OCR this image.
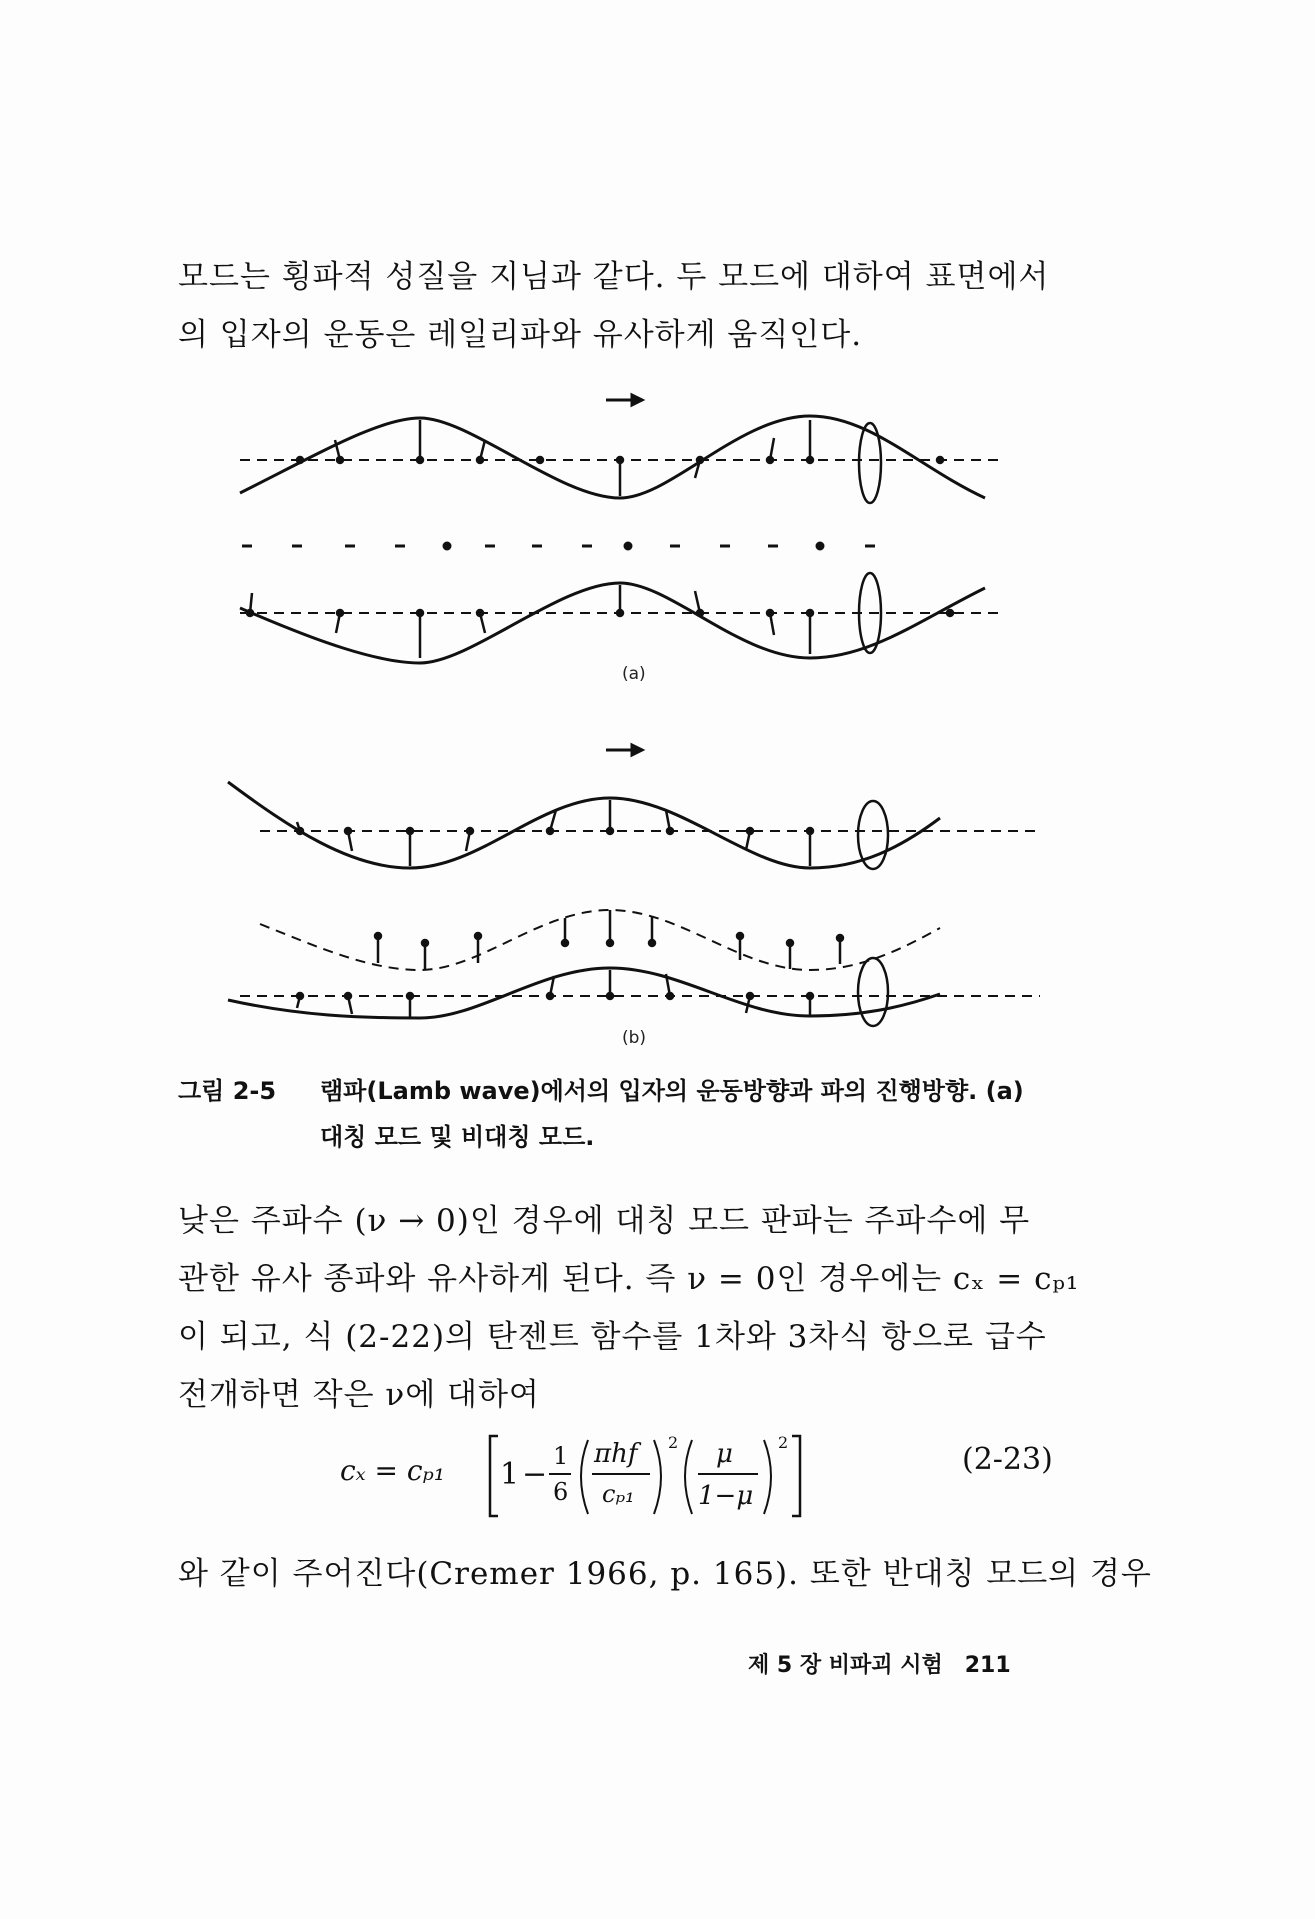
모드는 횡파적 성질을 지님과 같다. 두 모드에 대하여 표면에서
의 입자의 운동은 레일리파와 유사하게 움직인다.

(a)
(b)
그림 2-5 램파(Lamb wave)에서의 입자의 운동방향과 파의 진행방향. (a)
대칭 모드 및 비대칭 모드.

낮은 주파수 (ν → 0)인 경우에 대칭 모드 판파는 주파수에 무
관한 유사 종파와 유사하게 된다. 즉 ν = 0인 경우에는 cₓ = cₚ₁
이 되고, 식 (2-22)의 탄젠트 함수를 1차와 3차식 항으로 급수
전개하면 작은 ν에 대하여

cₓ = cₚ₁ 1 −
1
6
πhf
cₚ₁
2 μ
1−μ
2	(2-23)
와 같이 주어진다(Cremer 1966, p. 165). 또한 반대칭 모드의 경우
제 5 장 비파괴 시험 211
